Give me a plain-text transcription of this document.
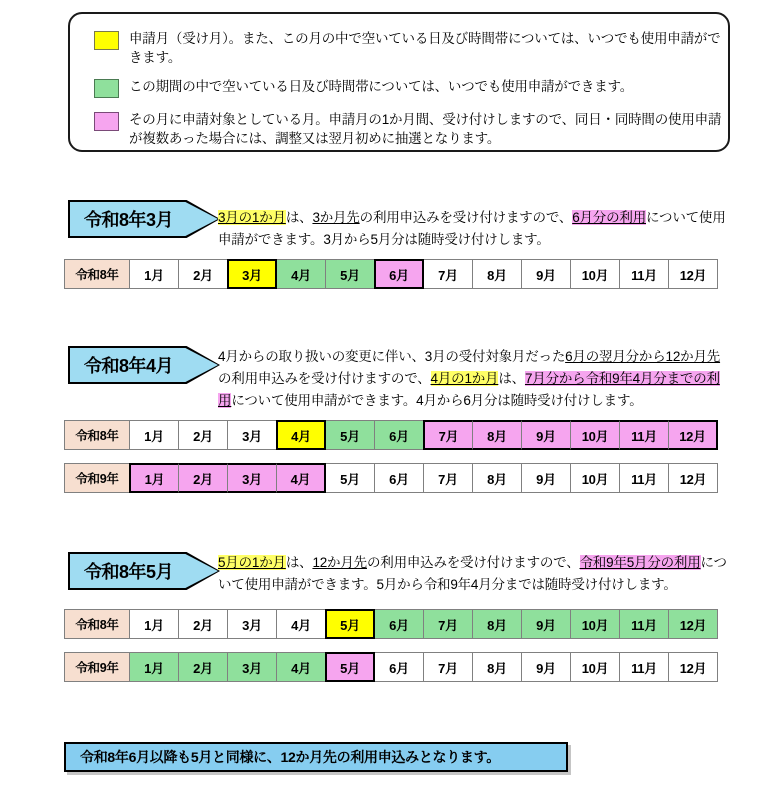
申請月（受け月）。また、この月の中で空いている日及び時間帯については、いつでも使用申請ができます。
この期間の中で空いている日及び時間帯については、いつでも使用申請ができます。
その月に申請対象としている月。申請月の1か月間、受け付けしますので、同日・同時間の使用申請が複数あった場合には、調整又は翌月初めに抽選となります。
令和8年3月	3月の1か月は、3か月先の利用申込みを受け付けますので、6月分の利用について使用申請ができます。3月から5月分は随時受け付けします。
令和8年	1月	2月	3月	4月	5月	6月	7月	8月	9月	10月	11月	12月
令和8年4月	4月からの取り扱いの変更に伴い、3月の受付対象月だった6月の翌月分から12か月先の利用申込みを受け付けますので、4月の1か月は、7月分から令和9年4月分までの利用について使用申請ができます。4月から6月分は随時受け付けします。
令和8年	1月	2月	3月	4月	5月	6月	7月	8月	9月	10月	11月	12月
令和9年	1月	2月	3月	4月	5月	6月	7月	8月	9月	10月	11月	12月
令和8年5月	5月の1か月は、12か月先の利用申込みを受け付けますので、令和9年5月分の利用について使用申請ができます。5月から令和9年4月分までは随時受け付けします。
令和8年	1月	2月	3月	4月	5月	6月	7月	8月	9月	10月	11月	12月
令和9年	1月	2月	3月	4月	5月	6月	7月	8月	9月	10月	11月	12月
令和8年6月以降も5月と同様に、12か月先の利用申込みとなります。
